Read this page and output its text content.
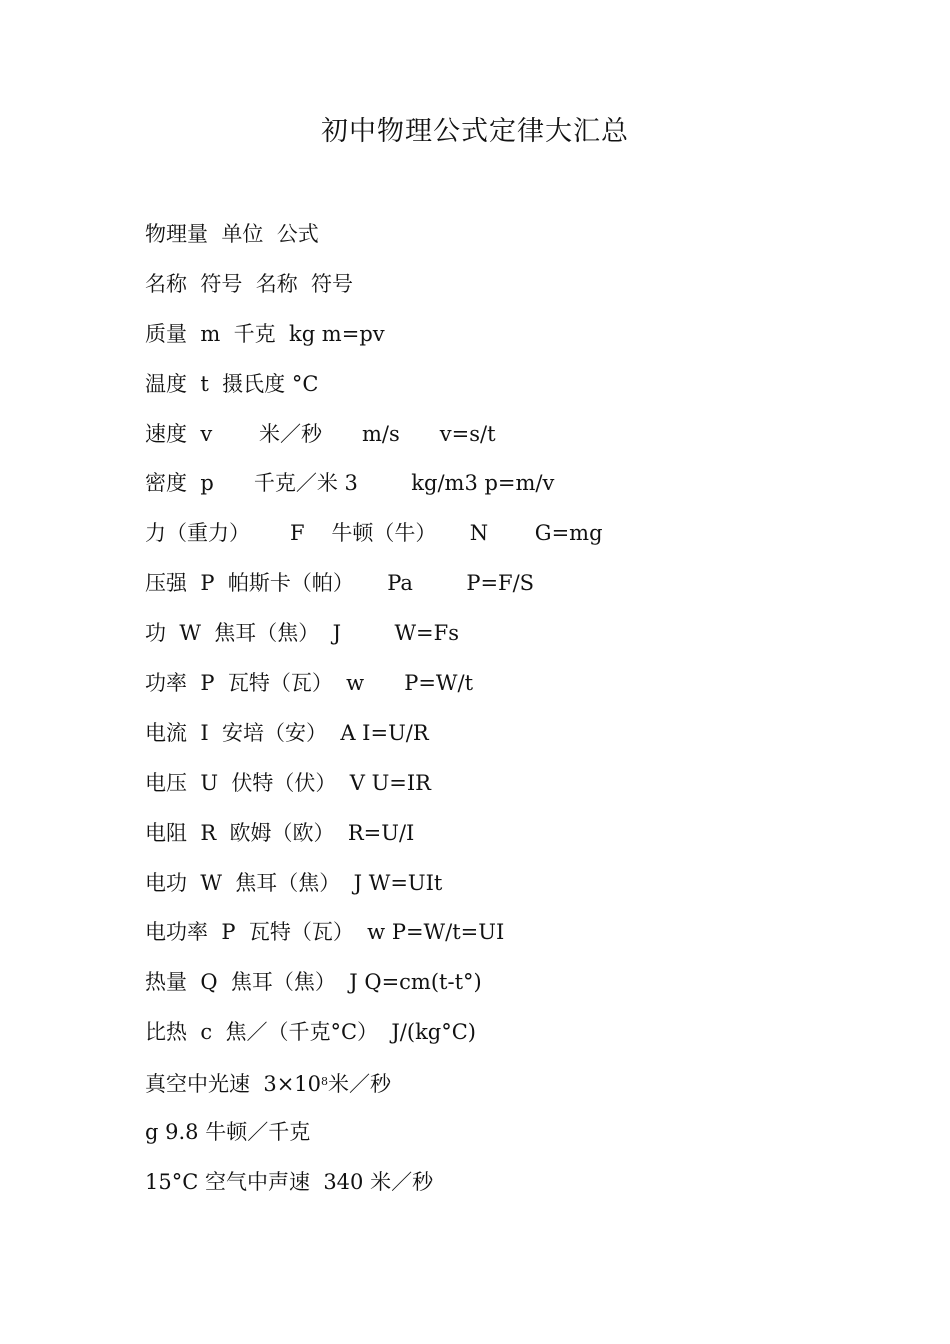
初中物理公式定律大汇总
物理量  单位  公式
名称  符号  名称  符号
质量  m  千克  kg m=pv
温度  t  摄氏度 °C
速度  v       米／秒      m/s      v=s/t
密度  p      千克／米 3        kg/m3 p=m/v
力（重力）      F    牛顿（牛）     N       G=mg
压强  P  帕斯卡（帕）     Pa        P=F/S
功  W  焦耳（焦）  J        W=Fs
功率  P  瓦特（瓦）  w      P=W/t
电流  I  安培（安）  A I=U/R
电压  U  伏特（伏）  V U=IR
电阻  R  欧姆（欧）  R=U/I
电功  W  焦耳（焦）  J W=UIt
电功率  P  瓦特（瓦）  w P=W/t=UI
热量  Q  焦耳（焦）  J Q=cm(t-t°)
比热  c  焦／（千克°C）  J/(kg°C)
真空中光速  $3\times 10^8$米／秒
g 9.8 牛顿／千克
15°C 空气中声速  340 米／秒
